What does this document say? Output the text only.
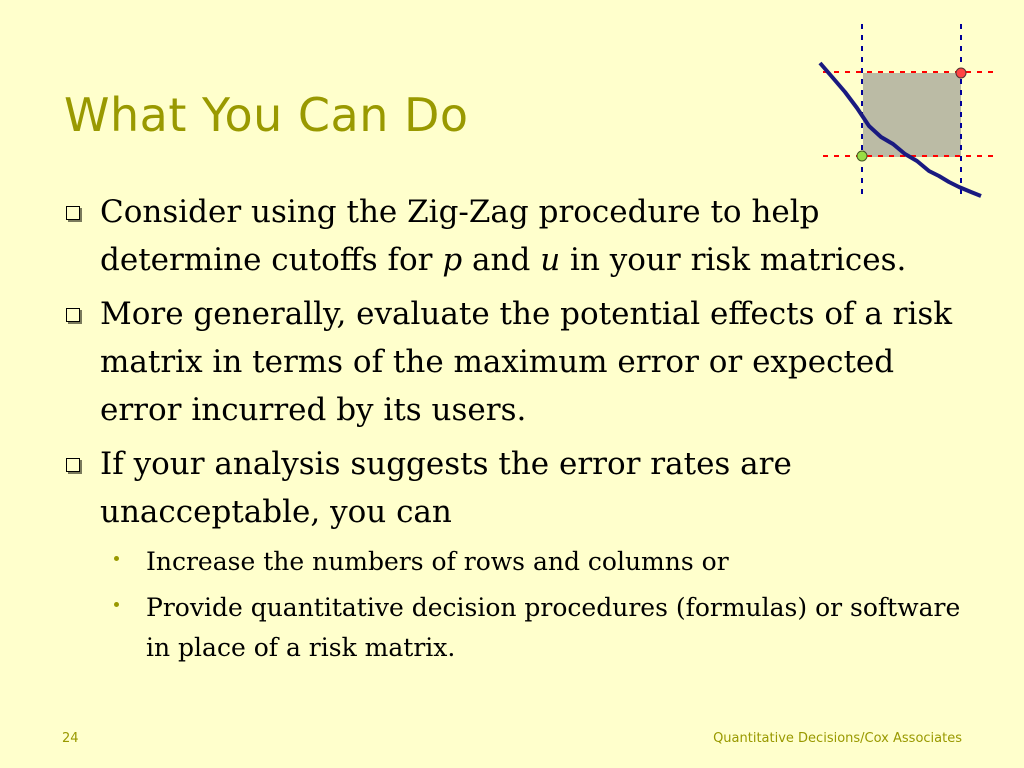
What You Can Do
Consider using the Zig-Zag procedure to help determine cutoffs for p and u in your risk matrices.
More generally, evaluate the potential effects of a risk matrix in terms of the maximum error or expected error incurred by its users.
If your analysis suggests the error rates are unacceptable, you can
Increase the numbers of rows and columns or
Provide quantitative decision procedures (formulas) or software in place of a risk matrix.
24	Quantitative Decisions/Cox Associates
